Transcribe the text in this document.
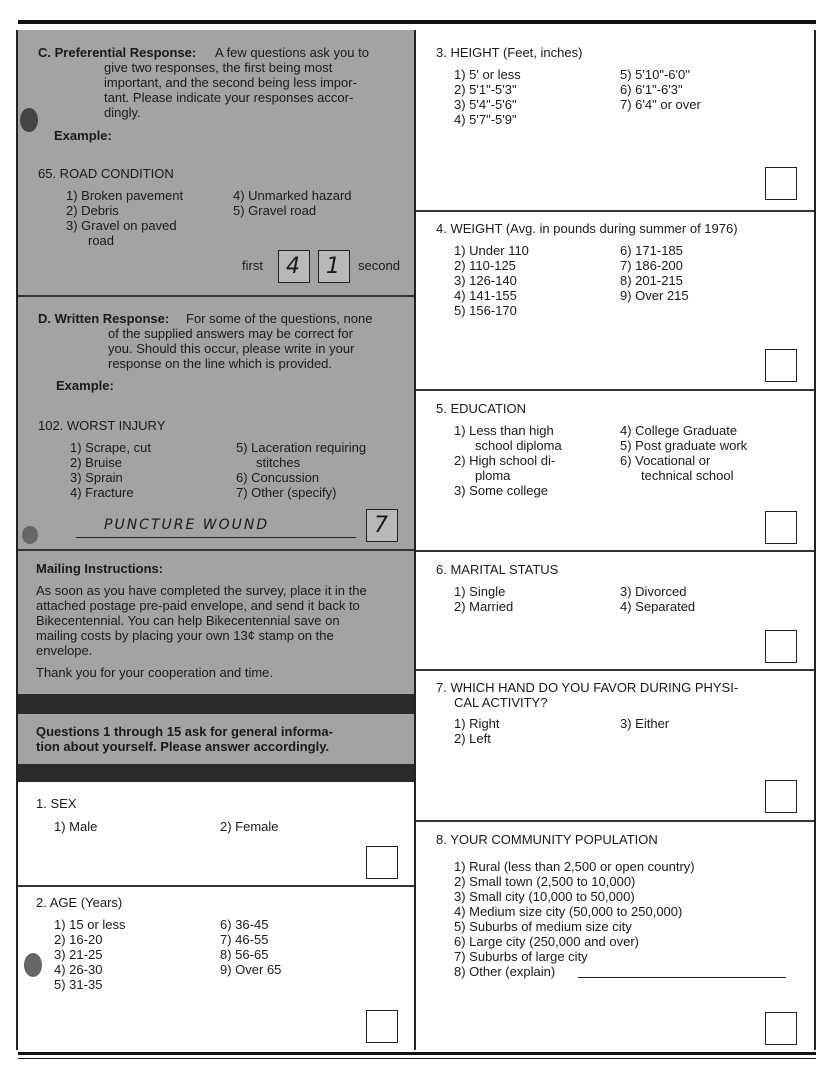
C. Preferential Response: A few questions ask you to
give two responses, the first being most
important, and the second being less impor-
tant. Please indicate your responses accor-
dingly.
Example:
65. ROAD CONDITION
1) Broken pavement
2) Debris
3) Gravel on paved
road
4) Unmarked hazard
5) Gravel road
first	4	1	second
D. Written Response: For some of the questions, none
of the supplied answers may be correct for
you. Should this occur, please write in your
response on the line which is provided.
Example:
102. WORST INJURY
1) Scrape, cut
2) Bruise
3) Sprain
4) Fracture
5) Laceration requiring
stitches
6) Concussion
7) Other (specify)
PUNCTURE WOUND	7
Mailing Instructions:
As soon as you have completed the survey, place it in the
attached postage pre-paid envelope, and send it back to
Bikecentennial. You can help Bikecentennial save on
mailing costs by placing your own 13¢ stamp on the
envelope.
Thank you for your cooperation and time.
Questions 1 through 15 ask for general informa-
tion about yourself. Please answer accordingly.
1. SEX
1) Male	2) Female
2. AGE (Years)
1) 15 or less
2) 16-20
3) 21-25
4) 26-30
5) 31-35
6) 36-45
7) 46-55
8) 56-65
9) Over 65
3. HEIGHT (Feet, inches)
1) 5' or less
2) 5'1"-5'3"
3) 5'4"-5'6"
4) 5'7"-5'9"
5) 5'10"-6'0"
6) 6'1"-6'3"
7) 6'4" or over
4. WEIGHT (Avg. in pounds during summer of 1976)
1) Under 110
2) 110-125
3) 126-140
4) 141-155
5) 156-170
6) 171-185
7) 186-200
8) 201-215
9) Over 215
5. EDUCATION
1) Less than high
school diploma
2) High school di-
ploma
3) Some college
4) College Graduate
5) Post graduate work
6) Vocational or
technical school
6. MARITAL STATUS
1) Single
2) Married
3) Divorced
4) Separated
7. WHICH HAND DO YOU FAVOR DURING PHYSI-
CAL ACTIVITY?
1) Right
2) Left
3) Either
8. YOUR COMMUNITY POPULATION
1) Rural (less than 2,500 or open country)
2) Small town (2,500 to 10,000)
3) Small city (10,000 to 50,000)
4) Medium size city (50,000 to 250,000)
5) Suburbs of medium size city
6) Large city (250,000 and over)
7) Suburbs of large city
8) Other (explain)
